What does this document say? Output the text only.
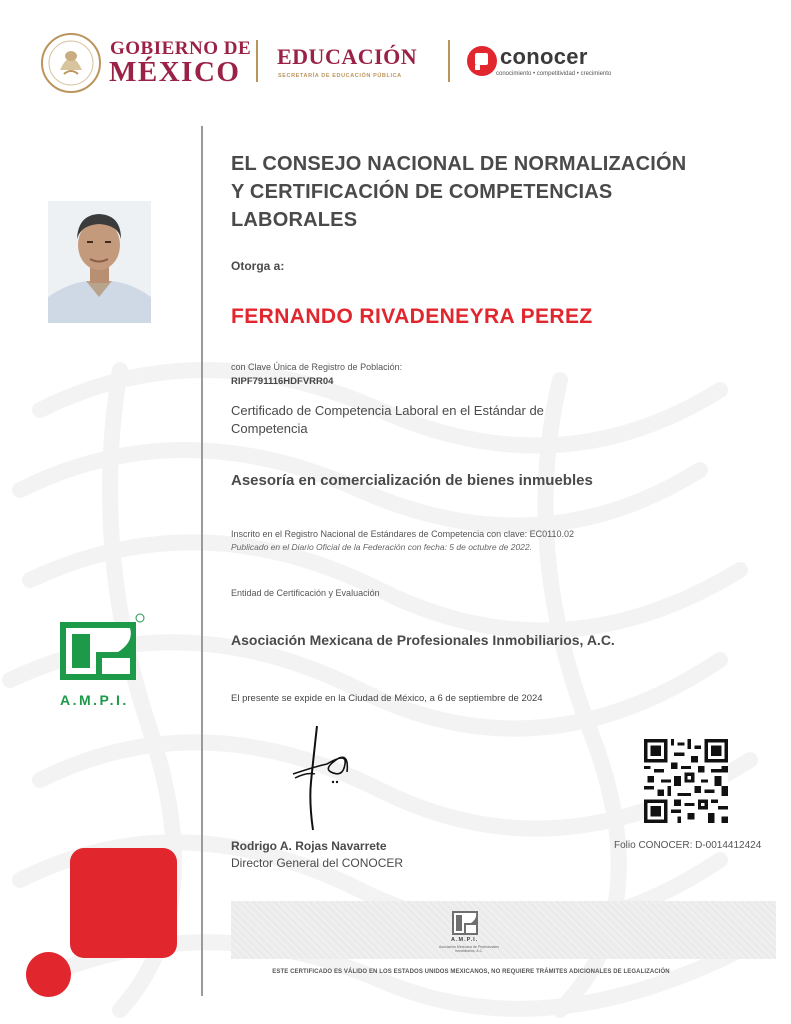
GOBIERNO DE
MÉXICO EDUCACIÓN
SECRETARÍA DE EDUCACIÓN PÚBLICA
conocer
conocimiento • competitividad • crecimiento
EL CONSEJO NACIONAL DE NORMALIZACIÓN Y CERTIFICACIÓN DE COMPETENCIAS LABORALES
Otorga a:
FERNANDO RIVADENEYRA PEREZ
con Clave Única de Registro de Población:
RIPF791116HDFVRR04
Certificado de Competencia Laboral en el Estándar de Competencia
Asesoría en comercialización de bienes inmuebles
Inscrito en el Registro Nacional de Estándares de Competencia con clave: EC0110.02
Publicado en el Diario Oficial de la Federación con fecha: 5 de octubre de 2022.
Entidad de Certificación y Evaluación
Asociación Mexicana de Profesionales Inmobiliarios, A.C.
El presente se expide en la Ciudad de México, a 6 de septiembre de 2024
A.M.P.I.
Rodrigo A. Rojas Navarrete
Director General del CONOCER
Folio CONOCER: D-0014412424
A.M.P.I.
Asociación Mexicana de Profesionales Inmobiliarios, A.C.
ESTE CERTIFICADO ES VÁLIDO EN LOS ESTADOS UNIDOS MEXICANOS, NO REQUIERE TRÁMITES ADICIONALES DE LEGALIZACIÓN
